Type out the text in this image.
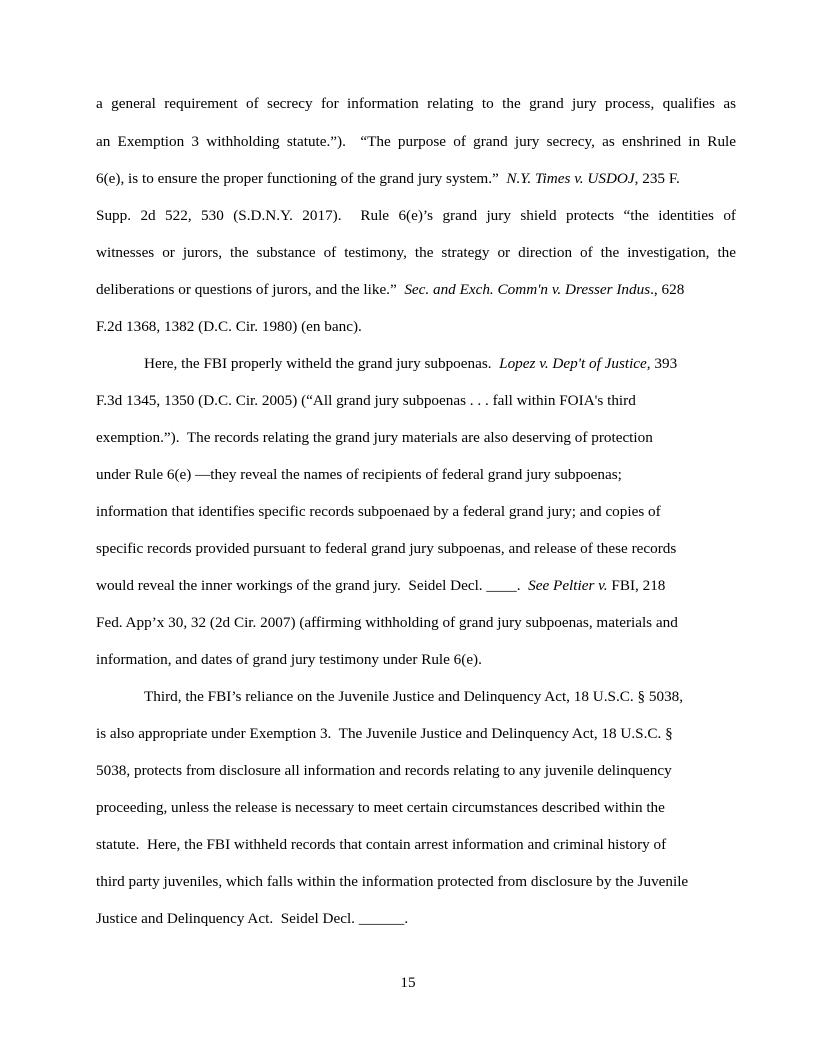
a general requirement of secrecy for information relating to the grand jury process, qualifies as
an Exemption 3 withholding statute.”).  “The purpose of grand jury secrecy, as enshrined in Rule
6(e), is to ensure the proper functioning of the grand jury system.”  N.Y. Times v. USDOJ, 235 F.
Supp. 2d 522, 530 (S.D.N.Y. 2017).  Rule 6(e)’s grand jury shield protects “the identities of
witnesses or jurors, the substance of testimony, the strategy or direction of the investigation, the
deliberations or questions of jurors, and the like.”  Sec. and Exch. Comm'n v. Dresser Indus., 628
F.2d 1368, 1382 (D.C. Cir. 1980) (en banc).
Here, the FBI properly witheld the grand jury subpoenas.  Lopez v. Dep't of Justice, 393
F.3d 1345, 1350 (D.C. Cir. 2005) (“All grand jury subpoenas . . . fall within FOIA's third
exemption.”).  The records relating the grand jury materials are also deserving of protection
under Rule 6(e) —they reveal the names of recipients of federal grand jury subpoenas;
information that identifies specific records subpoenaed by a federal grand jury; and copies of
specific records provided pursuant to federal grand jury subpoenas, and release of these records
would reveal the inner workings of the grand jury.  Seidel Decl. ____.  See Peltier v. FBI, 218
Fed. App’x 30, 32 (2d Cir. 2007) (affirming withholding of grand jury subpoenas, materials and
information, and dates of grand jury testimony under Rule 6(e).
Third, the FBI’s reliance on the Juvenile Justice and Delinquency Act, 18 U.S.C. § 5038,
is also appropriate under Exemption 3.  The Juvenile Justice and Delinquency Act, 18 U.S.C. §
5038, protects from disclosure all information and records relating to any juvenile delinquency
proceeding, unless the release is necessary to meet certain circumstances described within the
statute.  Here, the FBI withheld records that contain arrest information and criminal history of
third party juveniles, which falls within the information protected from disclosure by the Juvenile
Justice and Delinquency Act.  Seidel Decl. ______.
15
